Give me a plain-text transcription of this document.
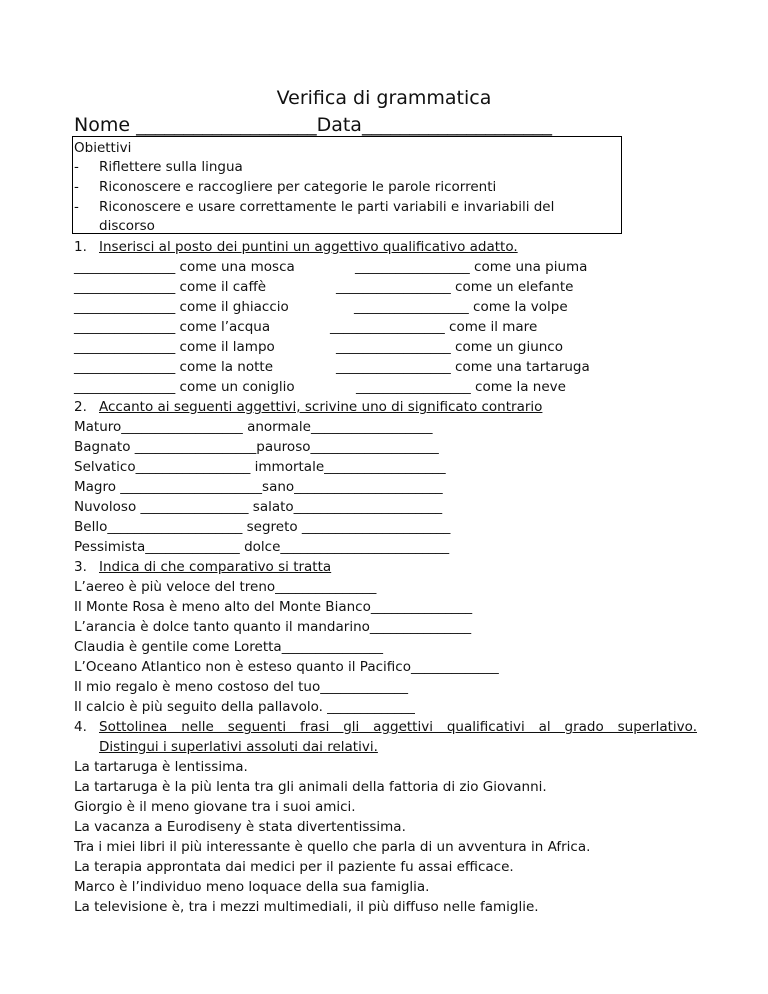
Verifica di grammatica
Nome ___________________Data____________________
Obiettivi
- Riflettere sulla lingua
- Riconoscere e raccogliere per categorie le parole ricorrenti
- Riconoscere e usare correttamente le parti variabili e invariabili del
discorso
1. Inserisci al posto dei puntini un aggettivo qualificativo adatto.
_______________ come una mosca	_________________ come una piuma
_______________ come il caffè	_________________ come un elefante
_______________ come il ghiaccio	_________________ come la volpe
_______________ come l’acqua	_________________ come il mare
_______________ come il lampo	_________________ come un giunco
_______________ come la notte	_________________ come una tartaruga
_______________ come un coniglio	_________________ come la neve
2. Accanto ai seguenti aggettivi, scrivine uno di significato contrario
Maturo__________________ anormale__________________
Bagnato __________________pauroso___________________
Selvatico_________________ immortale__________________
Magro _____________________sano______________________
Nuvoloso ________________ salato______________________
Bello____________________ segreto ______________________
Pessimista______________ dolce_________________________
3. Indica di che comparativo si tratta
L’aereo è più veloce del treno_______________
Il Monte Rosa è meno alto del Monte Bianco_______________
L’arancia è dolce tanto quanto il mandarino_______________
Claudia è gentile come Loretta_______________
L’Oceano Atlantico non è esteso quanto il Pacifico_____________
Il mio regalo è meno costoso del tuo_____________
Il calcio è più seguito della pallavolo. _____________
4. Sottolinea nelle seguenti frasi gli aggettivi qualificativi al grado superlativo.
Distingui i superlativi assoluti dai relativi.
La tartaruga è lentissima.
La tartaruga è la più lenta tra gli animali della fattoria di zio Giovanni.
Giorgio è il meno giovane tra i suoi amici.
La vacanza a Eurodiseny è stata divertentissima.
Tra i miei libri il più interessante è quello che parla di un avventura in Africa.
La terapia approntata dai medici per il paziente fu assai efficace.
Marco è l’individuo meno loquace della sua famiglia.
La televisione è, tra i mezzi multimediali, il più diffuso nelle famiglie.
